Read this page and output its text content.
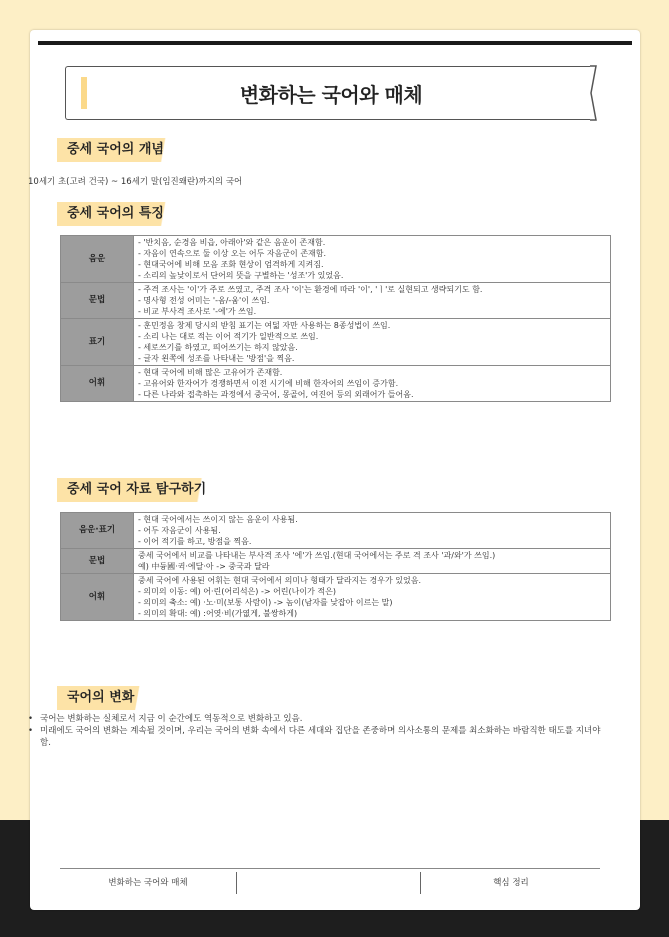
변화하는 국어와 매체
중세 국어의 개념
10세기 초(고려 건국) ~ 16세기 말(임진왜란)까지의 국어
중세 국어의 특징
음운	- '반치음, 순경음 비읍, 아래아'와 같은 음운이 존재함.
- 자음이 연속으로 둘 이상 오는 어두 자음군이 존재함.
- 현대국어에 비해 모음 조화 현상이 엄격하게 지켜짐.
- 소리의 높낮이로서 단어의 뜻을 구별하는 '성조'가 있었음.

문법	- 주격 조사는 '이'가 주로 쓰였고, 주격 조사 '이'는 환경에 따라 '이', 'ㅣ'로 실현되고 생략되기도 함.
- 명사형 전성 어미는 '-옴/-움'이 쓰임.
- 비교 부사격 조사로 '-에'가 쓰임.

표기	- 훈민정음 창제 당시의 받침 표기는 여덟 자만 사용하는 8종성법이 쓰임.
- 소리 나는 대로 적는 이어 적기가 일반적으로 쓰임.
- 세로쓰기를 하였고, 띄어쓰기는 하지 않았음.
- 글자 왼쪽에 성조를 나타내는 '방점'을 찍음.

어휘	- 현대 국어에 비해 많은 고유어가 존재함.
- 고유어와 한자어가 경쟁하면서 이전 시기에 비해 한자어의 쓰임이 증가함.
- 다른 나라와 접촉하는 과정에서 중국어, 몽골어, 여진어 등의 외래어가 들어옴.
중세 국어 자료 탐구하기
음운·표기	- 현대 국어에서는 쓰이지 않는 음운이 사용됨.
- 어두 자음군이 사용됨.
- 이어 적기를 하고, 방점을 찍음.

문법	중세 국어에서 비교를 나타내는 부사격 조사 '에'가 쓰임.(현대 국어에서는 주로 격 조사 '과/와'가 쓰임.)
예) 中듕國·귁·에달·아 -> 중국과 달라

어휘	중세 국어에 사용된 어휘는 현대 국어에서 의미나 형태가 달라지는 경우가 있었음.
- 의미의 이동: 예) 어·린(어리석은) -> 어린(나이가 적은)
- 의미의 축소: 예) ·노·미(보통 사람이) -> 놈이(남자를 낮잡아 이르는 말)
- 의미의 확대: 예) :어엿·비(가엾게, 불쌍하게)
국어의 변화
• 국어는 변화하는 실체로서 지금 이 순간에도 역동적으로 변화하고 있음.
• 미래에도 국어의 변화는 계속될 것이며, 우리는 국어의 변화 속에서 다른 세대와 집단을 존중하며 의사소통의 문제를 최소화하는 바람직한 태도를 지녀야 함.
변화하는 국어와 매체	핵심 정리
